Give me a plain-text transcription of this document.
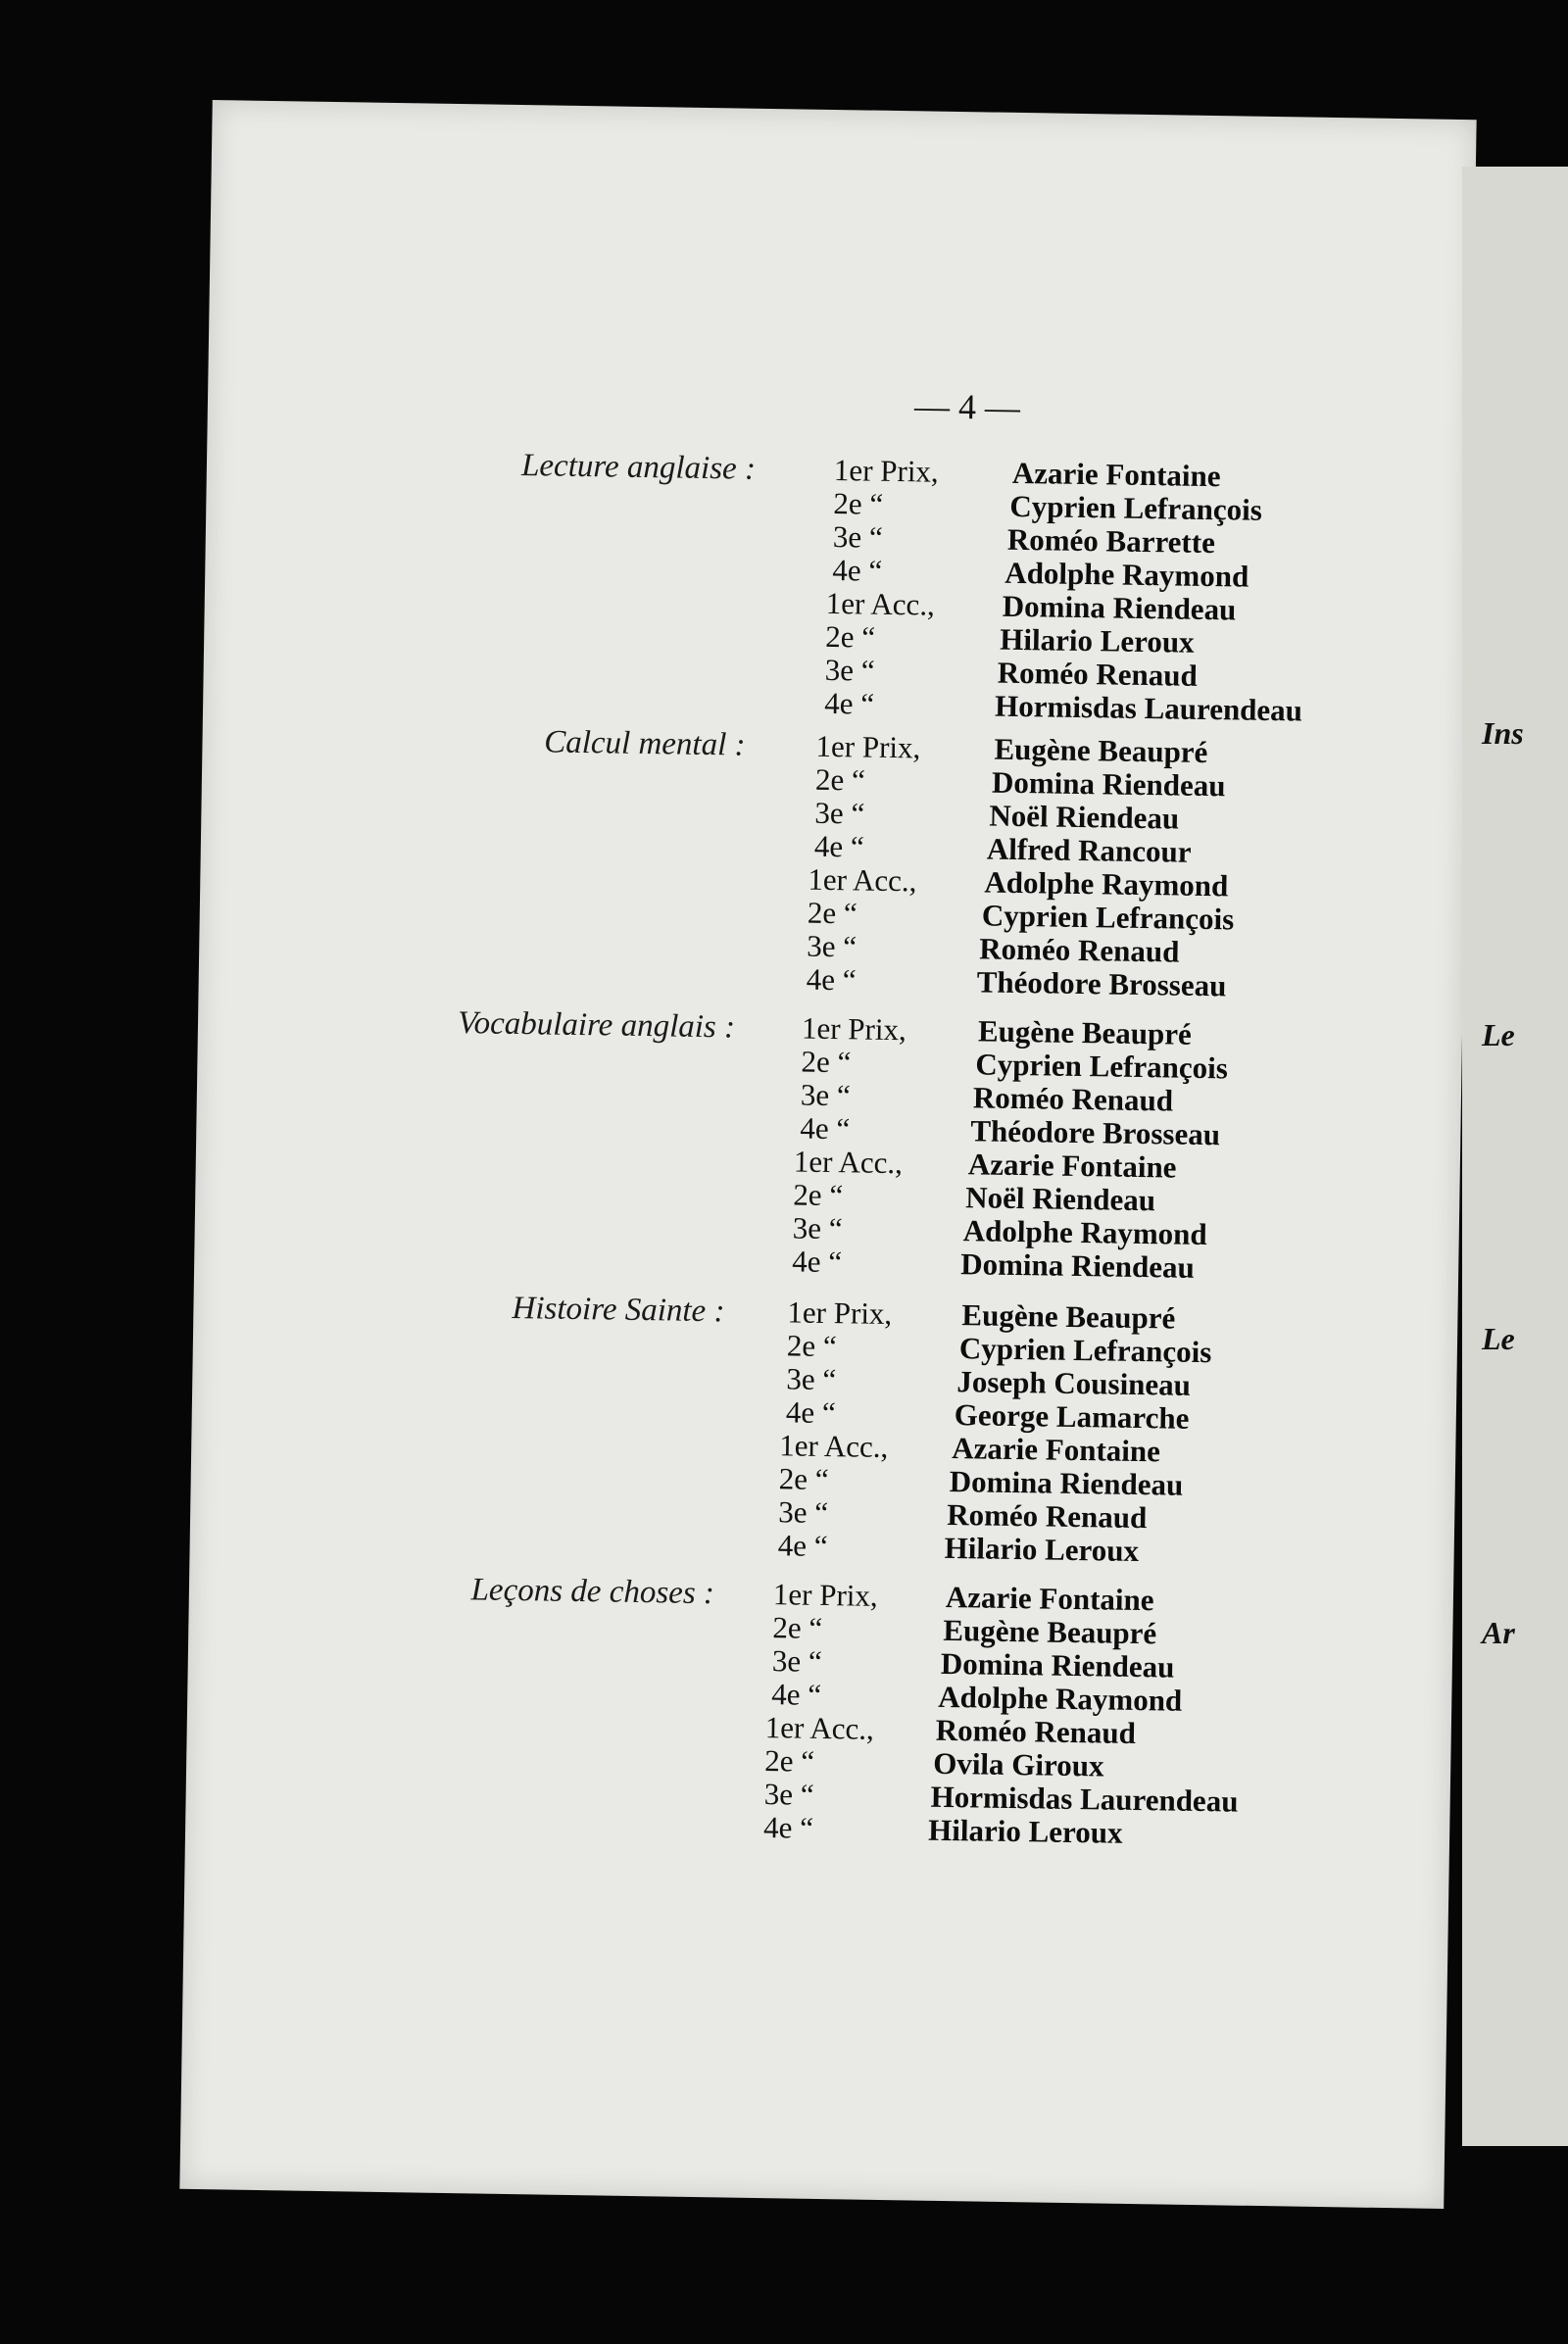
— 4 —
Lecture anglaise :	1er Prix,	Azarie Fontaine
2e “	Cyprien Lefrançois
3e “	Roméo Barrette
4e “	Adolphe Raymond
1er Acc.,	Domina Riendeau
2e “	Hilario Leroux
3e “	Roméo Renaud
4e “	Hormisdas Laurendeau
Calcul mental : 1er Prix,	Eugène Beaupré
2e “	Domina Riendeau
3e “	Noël Riendeau
4e “	Alfred Rancour
1er Acc.,	Adolphe Raymond
2e “	Cyprien Lefrançois
3e “	Roméo Renaud
4e “	Théodore Brosseau
Vocabulaire anglais : 1er Prix,	Eugène Beaupré
2e “	Cyprien Lefrançois
3e “	Roméo Renaud
4e “	Théodore Brosseau
1er Acc.,	Azarie Fontaine
2e “	Noël Riendeau
3e “	Adolphe Raymond
4e “	Domina Riendeau
Histoire Sainte : 1er Prix,	Eugène Beaupré
2e “	Cyprien Lefrançois
3e “	Joseph Cousineau
4e “	George Lamarche
1er Acc.,	Azarie Fontaine
2e “	Domina Riendeau
3e “	Roméo Renaud
4e “	Hilario Leroux
Leçons de choses : 1er Prix,	Azarie Fontaine
2e “	Eugène Beaupré
3e “	Domina Riendeau
4e “	Adolphe Raymond
1er Acc.,	Roméo Renaud
2e “	Ovila Giroux
3e “	Hormisdas Laurendeau
4e “	Hilario Leroux
Ins
Le
Le
Ar
